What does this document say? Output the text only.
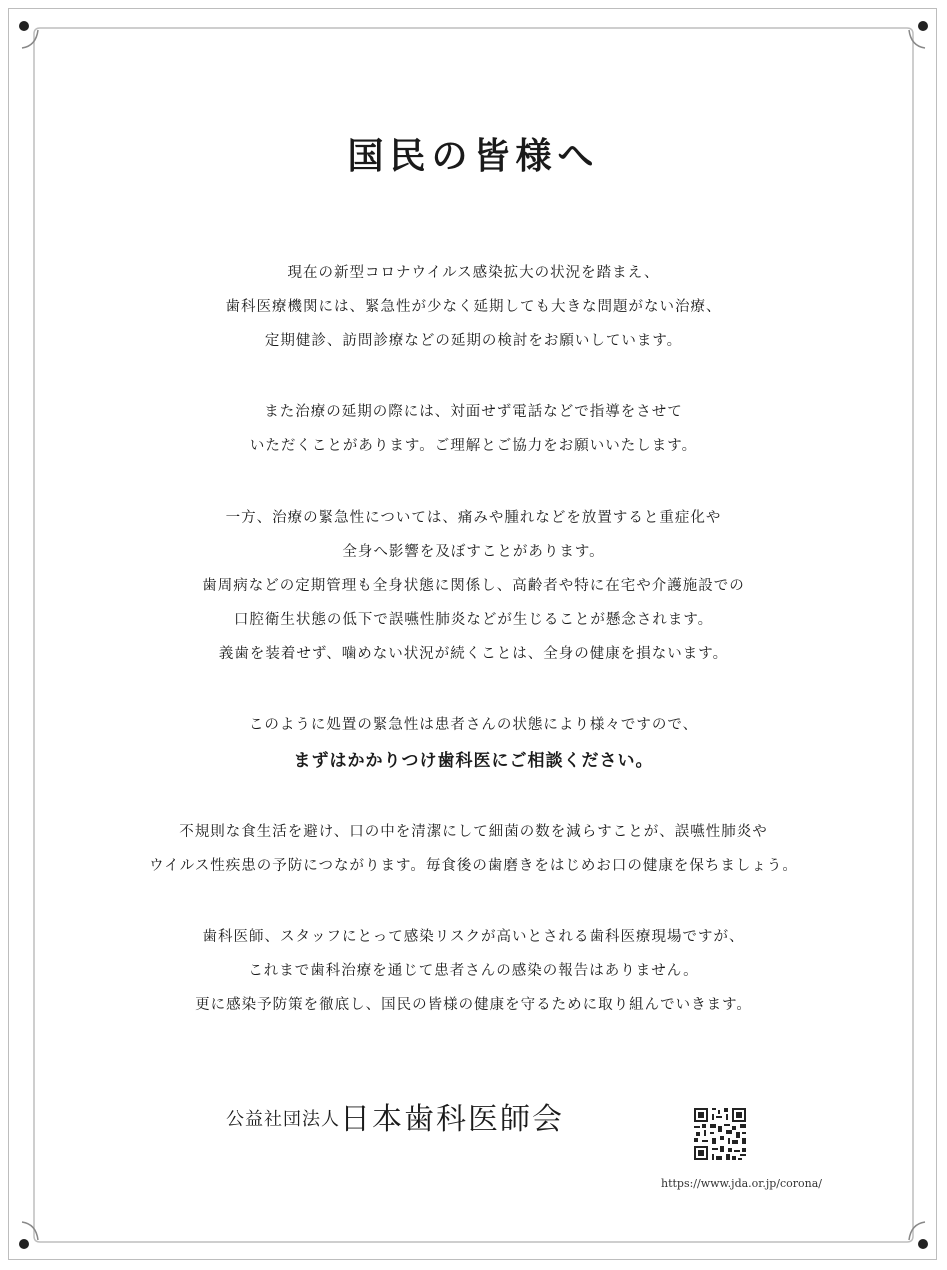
国民の皆様へ

現在の新型コロナウイルス感染拡大の状況を踏まえ、
歯科医療機関には、緊急性が少なく延期しても大きな問題がない治療、
定期健診、訪問診療などの延期の検討をお願いしています。

また治療の延期の際には、対面せず電話などで指導をさせて
いただくことがあります。ご理解とご協力をお願いいたします。

一方、治療の緊急性については、痛みや腫れなどを放置すると重症化や
全身へ影響を及ぼすことがあります。
歯周病などの定期管理も全身状態に関係し、高齢者や特に在宅や介護施設での
口腔衛生状態の低下で誤嚥性肺炎などが生じることが懸念されます。
義歯を装着せず、噛めない状況が続くことは、全身の健康を損ないます。

このように処置の緊急性は患者さんの状態により様々ですので、
まずはかかりつけ歯科医にご相談ください。

不規則な食生活を避け、口の中を清潔にして細菌の数を減らすことが、誤嚥性肺炎や
ウイルス性疾患の予防につながります。毎食後の歯磨きをはじめお口の健康を保ちましょう。

歯科医師、スタッフにとって感染リスクが高いとされる歯科医療現場ですが、
これまで歯科治療を通じて患者さんの感染の報告はありません。
更に感染予防策を徹底し、国民の皆様の健康を守るために取り組んでいきます。

公益社団法人日本歯科医師会
https://www.jda.or.jp/corona/
